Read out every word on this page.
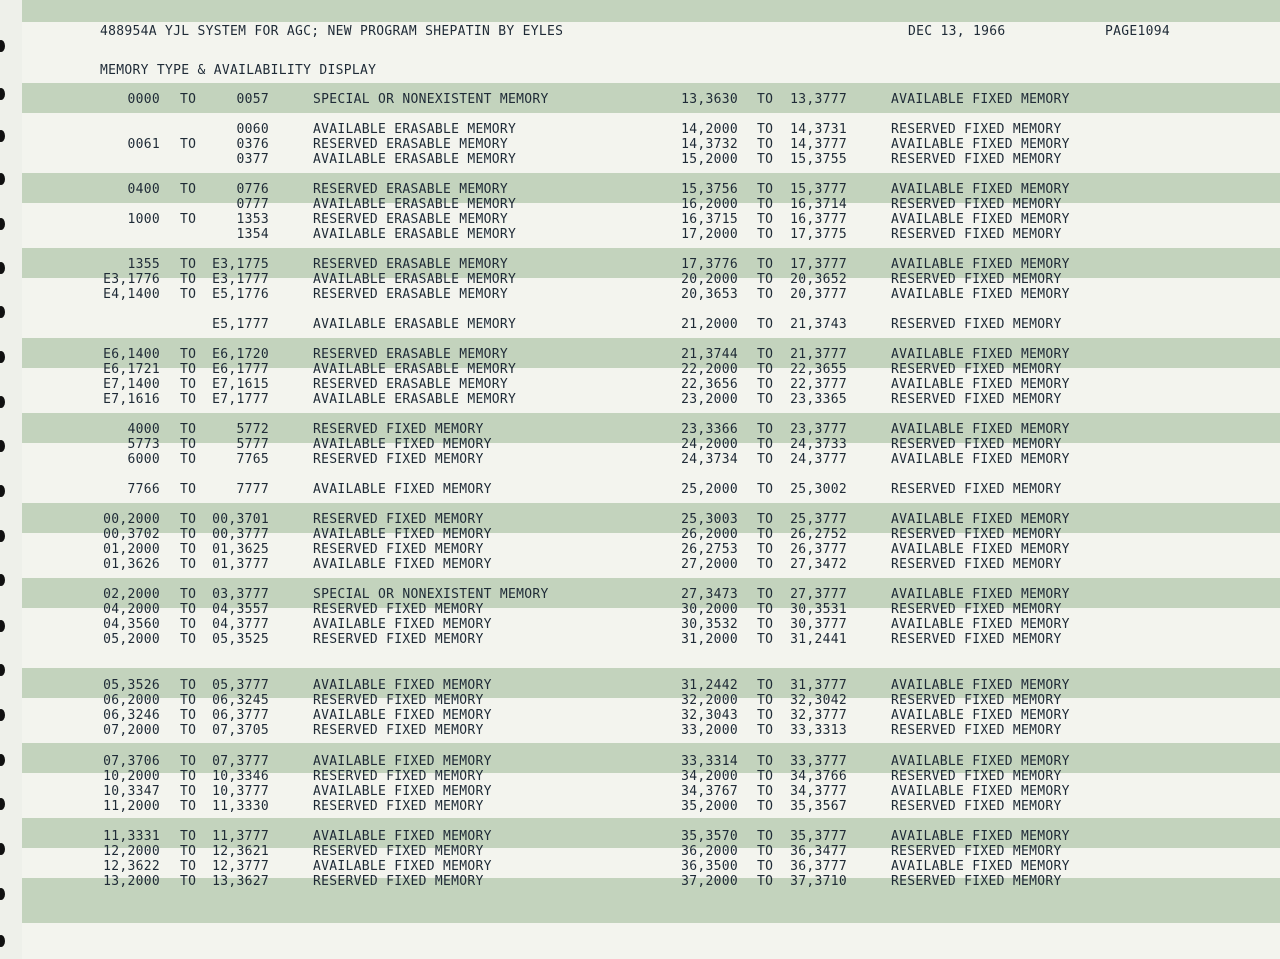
488954A YJL SYSTEM FOR AGC; NEW PROGRAM SHEPATIN BY EYLES	DEC 13, 1966	PAGE1094
MEMORY TYPE & AVAILABILITY DISPLAY
0000 TO	0057	SPECIAL OR NONEXISTENT MEMORY	13,3630 TO 13,3777	AVAILABLE FIXED MEMORY
0060	AVAILABLE ERASABLE MEMORY	14,2000 TO 14,3731	RESERVED FIXED MEMORY
0061 TO	0376	RESERVED ERASABLE MEMORY	14,3732 TO 14,3777	AVAILABLE FIXED MEMORY
0377	AVAILABLE ERASABLE MEMORY	15,2000 TO 15,3755	RESERVED FIXED MEMORY
0400 TO	0776	RESERVED ERASABLE MEMORY	15,3756 TO 15,3777	AVAILABLE FIXED MEMORY
0777	AVAILABLE ERASABLE MEMORY	16,2000 TO 16,3714	RESERVED FIXED MEMORY
1000 TO	1353	RESERVED ERASABLE MEMORY	16,3715 TO 16,3777	AVAILABLE FIXED MEMORY
1354	AVAILABLE ERASABLE MEMORY	17,2000 TO 17,3775	RESERVED FIXED MEMORY
1355 TO E3,1775	RESERVED ERASABLE MEMORY	17,3776 TO 17,3777	AVAILABLE FIXED MEMORY
E3,1776 TO E3,1777	AVAILABLE ERASABLE MEMORY	20,2000 TO 20,3652	RESERVED FIXED MEMORY
E4,1400 TO E5,1776	RESERVED ERASABLE MEMORY	20,3653 TO 20,3777	AVAILABLE FIXED MEMORY
E5,1777	AVAILABLE ERASABLE MEMORY	21,2000 TO 21,3743	RESERVED FIXED MEMORY
E6,1400 TO E6,1720	RESERVED ERASABLE MEMORY	21,3744 TO 21,3777	AVAILABLE FIXED MEMORY
E6,1721 TO E6,1777	AVAILABLE ERASABLE MEMORY	22,2000 TO 22,3655	RESERVED FIXED MEMORY
E7,1400 TO E7,1615	RESERVED ERASABLE MEMORY	22,3656 TO 22,3777	AVAILABLE FIXED MEMORY
E7,1616 TO E7,1777	AVAILABLE ERASABLE MEMORY	23,2000 TO 23,3365	RESERVED FIXED MEMORY
4000 TO	5772	RESERVED FIXED MEMORY	23,3366 TO 23,3777	AVAILABLE FIXED MEMORY
5773 TO	5777	AVAILABLE FIXED MEMORY	24,2000 TO 24,3733	RESERVED FIXED MEMORY
6000 TO	7765	RESERVED FIXED MEMORY	24,3734 TO 24,3777	AVAILABLE FIXED MEMORY
7766 TO	7777	AVAILABLE FIXED MEMORY	25,2000 TO 25,3002	RESERVED FIXED MEMORY
00,2000 TO 00,3701	RESERVED FIXED MEMORY	25,3003 TO 25,3777	AVAILABLE FIXED MEMORY
00,3702 TO 00,3777	AVAILABLE FIXED MEMORY	26,2000 TO 26,2752	RESERVED FIXED MEMORY
01,2000 TO 01,3625	RESERVED FIXED MEMORY	26,2753 TO 26,3777	AVAILABLE FIXED MEMORY
01,3626 TO 01,3777	AVAILABLE FIXED MEMORY	27,2000 TO 27,3472	RESERVED FIXED MEMORY
02,2000 TO 03,3777	SPECIAL OR NONEXISTENT MEMORY	27,3473 TO 27,3777	AVAILABLE FIXED MEMORY
04,2000 TO 04,3557	RESERVED FIXED MEMORY	30,2000 TO 30,3531	RESERVED FIXED MEMORY
04,3560 TO 04,3777	AVAILABLE FIXED MEMORY	30,3532 TO 30,3777	AVAILABLE FIXED MEMORY
05,2000 TO 05,3525	RESERVED FIXED MEMORY	31,2000 TO 31,2441	RESERVED FIXED MEMORY
05,3526 TO 05,3777	AVAILABLE FIXED MEMORY	31,2442 TO 31,3777	AVAILABLE FIXED MEMORY
06,2000 TO 06,3245	RESERVED FIXED MEMORY	32,2000 TO 32,3042	RESERVED FIXED MEMORY
06,3246 TO 06,3777	AVAILABLE FIXED MEMORY	32,3043 TO 32,3777	AVAILABLE FIXED MEMORY
07,2000 TO 07,3705	RESERVED FIXED MEMORY	33,2000 TO 33,3313	RESERVED FIXED MEMORY
07,3706 TO 07,3777	AVAILABLE FIXED MEMORY	33,3314 TO 33,3777	AVAILABLE FIXED MEMORY
10,2000 TO 10,3346	RESERVED FIXED MEMORY	34,2000 TO 34,3766	RESERVED FIXED MEMORY
10,3347 TO 10,3777	AVAILABLE FIXED MEMORY	34,3767 TO 34,3777	AVAILABLE FIXED MEMORY
11,2000 TO 11,3330	RESERVED FIXED MEMORY	35,2000 TO 35,3567	RESERVED FIXED MEMORY
11,3331 TO 11,3777	AVAILABLE FIXED MEMORY	35,3570 TO 35,3777	AVAILABLE FIXED MEMORY
12,2000 TO 12,3621	RESERVED FIXED MEMORY	36,2000 TO 36,3477	RESERVED FIXED MEMORY
12,3622 TO 12,3777	AVAILABLE FIXED MEMORY	36,3500 TO 36,3777	AVAILABLE FIXED MEMORY
13,2000 TO 13,3627	RESERVED FIXED MEMORY	37,2000 TO 37,3710	RESERVED FIXED MEMORY
